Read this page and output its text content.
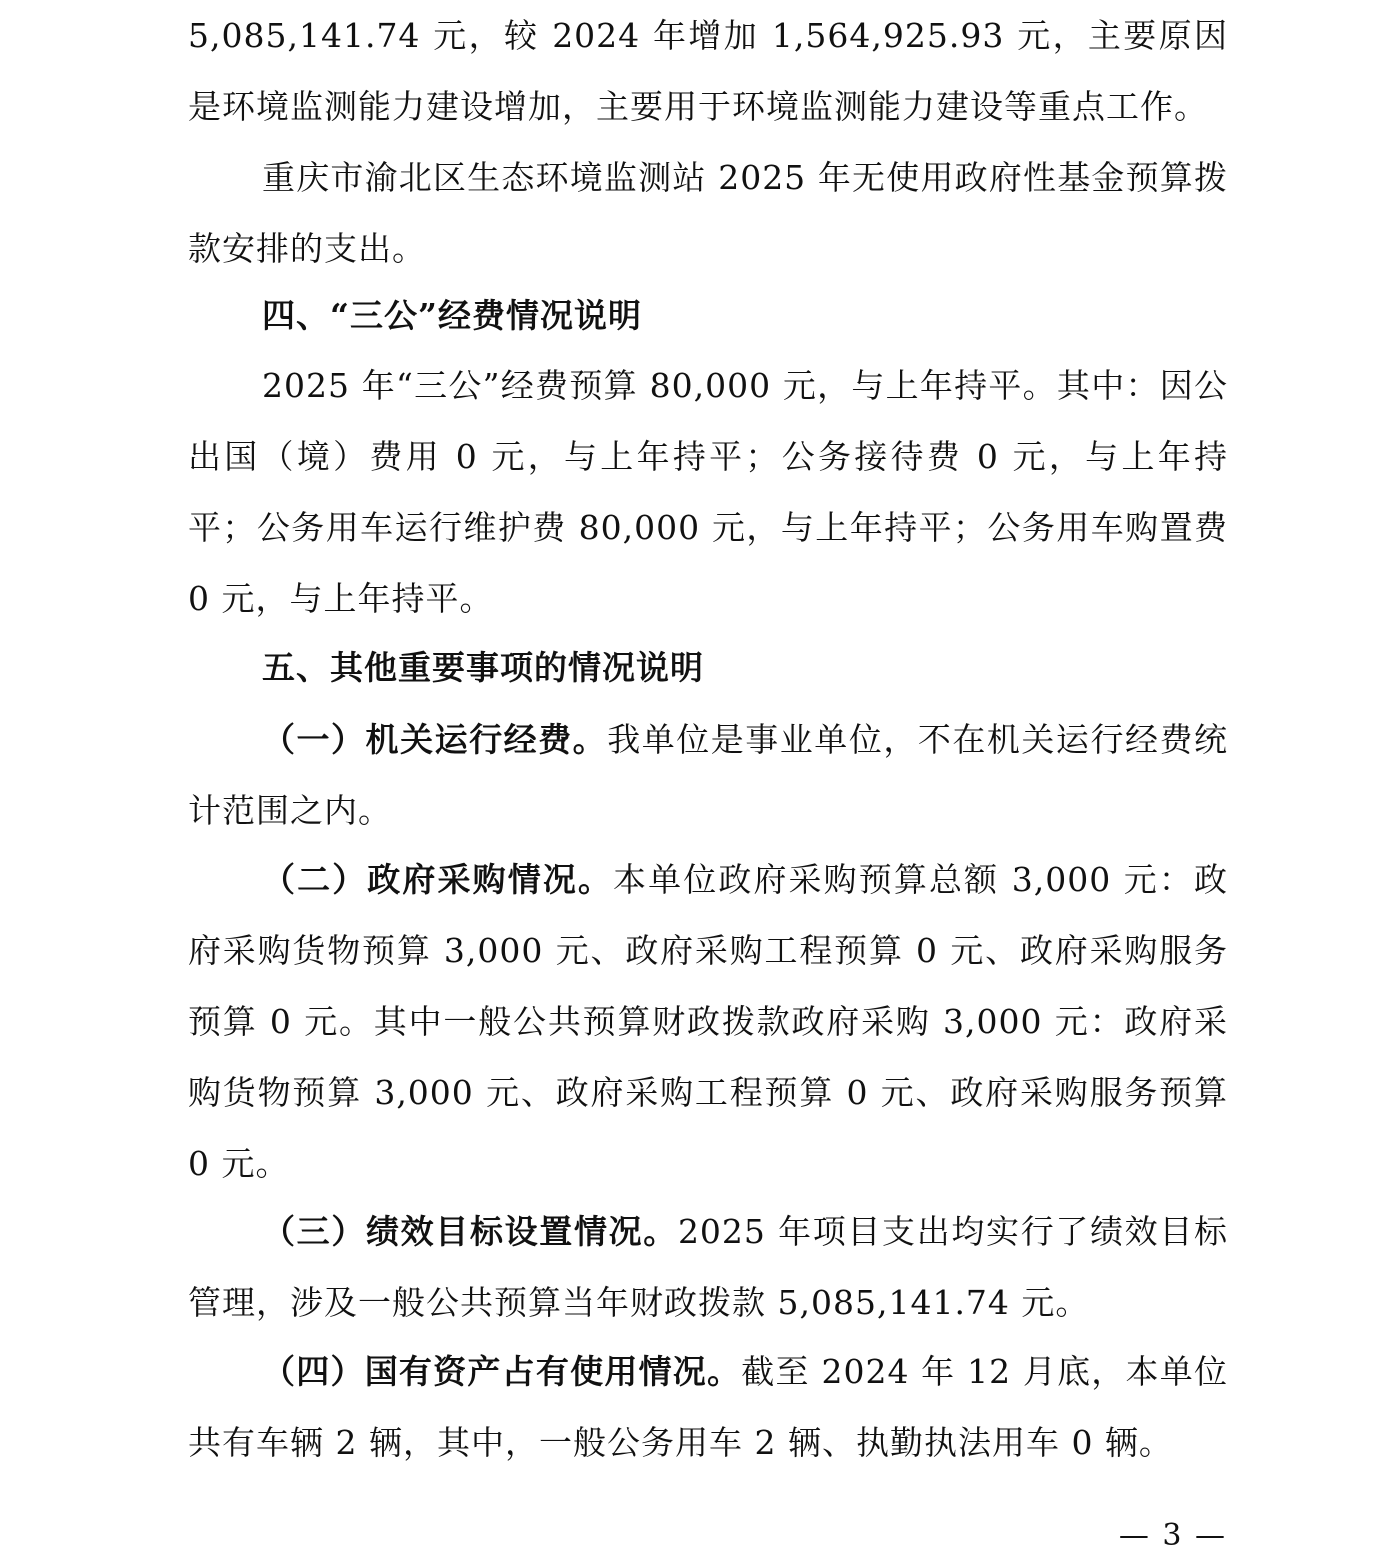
5,085,141.74 元，较 2024 年增加 1,564,925.93 元，主要原因是环境监测能力建设增加，主要用于环境监测能力建设等重点工作。

重庆市渝北区生态环境监测站 2025 年无使用政府性基金预算拨款安排的支出。

四、“三公”经费情况说明

2025 年“三公”经费预算 80,000 元，与上年持平。其中：因公出国（境）费用 0 元，与上年持平；公务接待费 0 元，与上年持平；公务用车运行维护费 80,000 元，与上年持平；公务用车购置费 0 元，与上年持平。

五、其他重要事项的情况说明

（一）机关运行经费。我单位是事业单位，不在机关运行经费统计范围之内。

（二）政府采购情况。本单位政府采购预算总额 3,000 元：政府采购货物预算 3,000 元、政府采购工程预算 0 元、政府采购服务预算 0 元。其中一般公共预算财政拨款政府采购 3,000 元：政府采购货物预算 3,000 元、政府采购工程预算 0 元、政府采购服务预算 0 元。

（三）绩效目标设置情况。2025 年项目支出均实行了绩效目标管理，涉及一般公共预算当年财政拨款 5,085,141.74 元。

（四）国有资产占有使用情况。截至 2024 年 12 月底，本单位共有车辆 2 辆，其中，一般公务用车 2 辆、执勤执法用车 0 辆。

— 3 —
